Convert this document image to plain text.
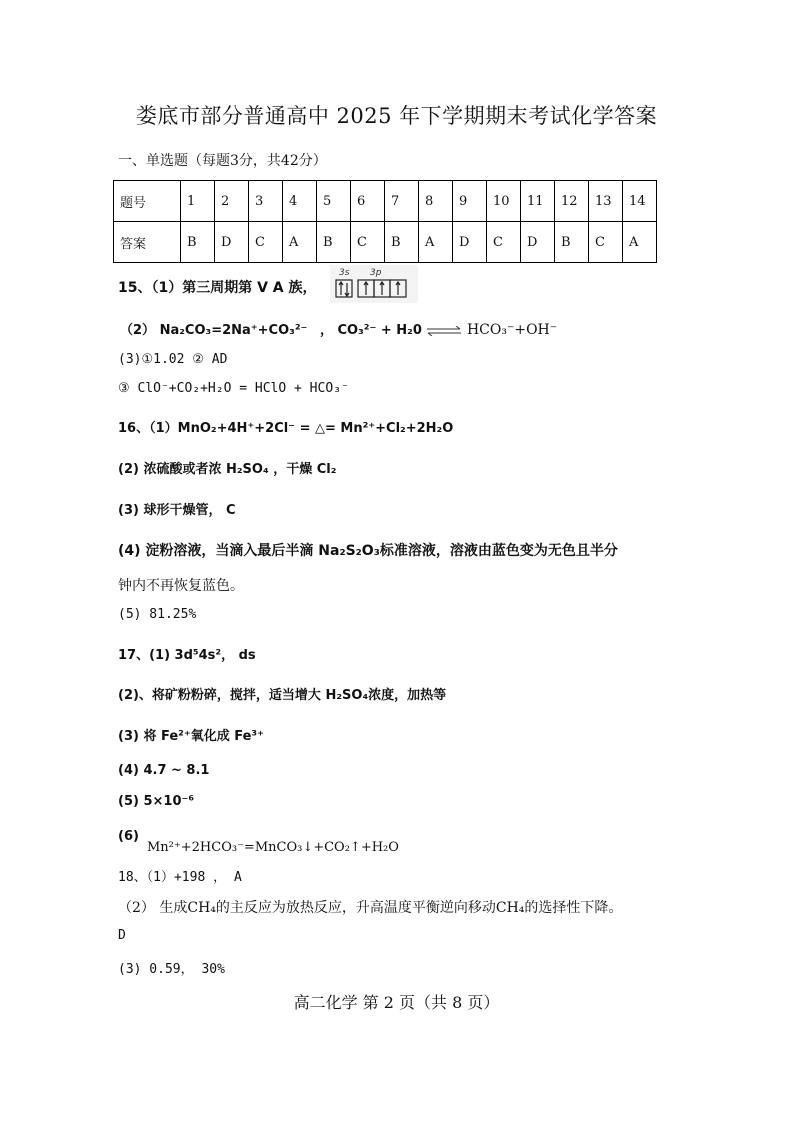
娄底市部分普通高中 2025 年下学期期末考试化学答案
一、单选题（每题3分，共42分）
题号	1	2	3	4	5	6	7	8	9	10	11	12	13	14
答案	B	D	C	A	B	C	B	A	D	C	D	B	C	A
15、（1）第三周期第 V A 族，
3s 3p
（2） Na₂CO₃=2Na⁺+CO₃²⁻ ， CO₃²⁻ + H₂0 ⇌ HCO₃⁻+OH⁻
(3)①1.02 ② AD
③ ClO⁻+CO₂+H₂O = HClO + HCO₃⁻
16、（1）MnO₂+4H⁺+2Cl⁻ = △= Mn²⁺+Cl₂+2H₂O
(2) 浓硫酸或者浓 H₂SO₄ ，干燥 Cl₂
(3) 球形干燥管， C
(4) 淀粉溶液，当滴入最后半滴 Na₂S₂O₃标准溶液，溶液由蓝色变为无色且半分
钟内不再恢复蓝色。
(5) 81.25%
17、(1) 3d⁵4s²， ds
(2)、将矿粉粉碎，搅拌，适当增大 H₂SO₄浓度，加热等
(3) 将 Fe²⁺氧化成 Fe³⁺
(4) 4.7 ~ 8.1
(5) 5×10⁻⁶
(6)
Mn²⁺+2HCO₃⁻=MnCO₃↓+CO₂↑+H₂O
18、（1）+198 ， A
（2） 生成CH₄的主反应为放热反应，升高温度平衡逆向移动CH₄的选择性下降。
D
(3) 0.59， 30%
高二化学 第 2 页（共 8 页）
